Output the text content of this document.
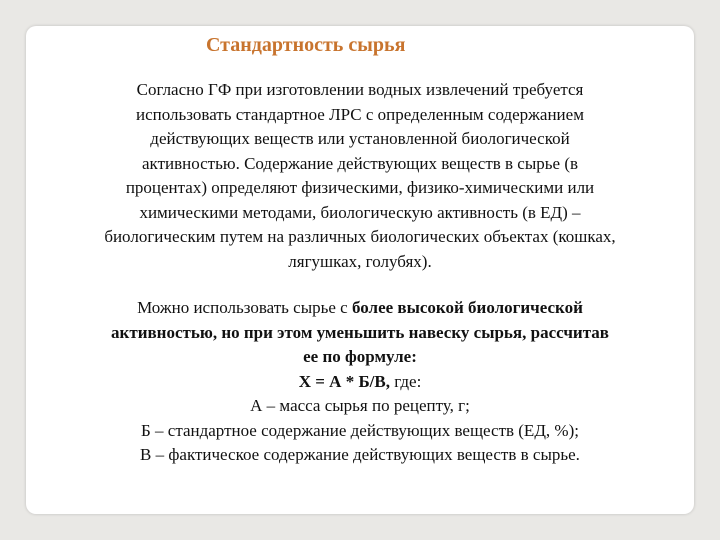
Стандартность сырья
Согласно ГФ при изготовлении водных извлечений требуется
использовать стандартное ЛРС с определенным содержанием
действующих веществ или установленной биологической
активностью. Содержание действующих веществ в сырье (в
процентах) определяют физическими, физико-химическими или
химическими методами, биологическую активность (в ЕД) –
биологическим путем на различных биологических объектах (кошках,
лягушках, голубях).
Можно использовать сырье с более высокой биологической
активностью, но при этом уменьшить навеску сырья, рассчитав
ее по формуле:
Х = А * Б/В, где:
А – масса сырья по рецепту, г;
Б – стандартное содержание действующих веществ (ЕД, %);
В – фактическое содержание действующих веществ в сырье.
